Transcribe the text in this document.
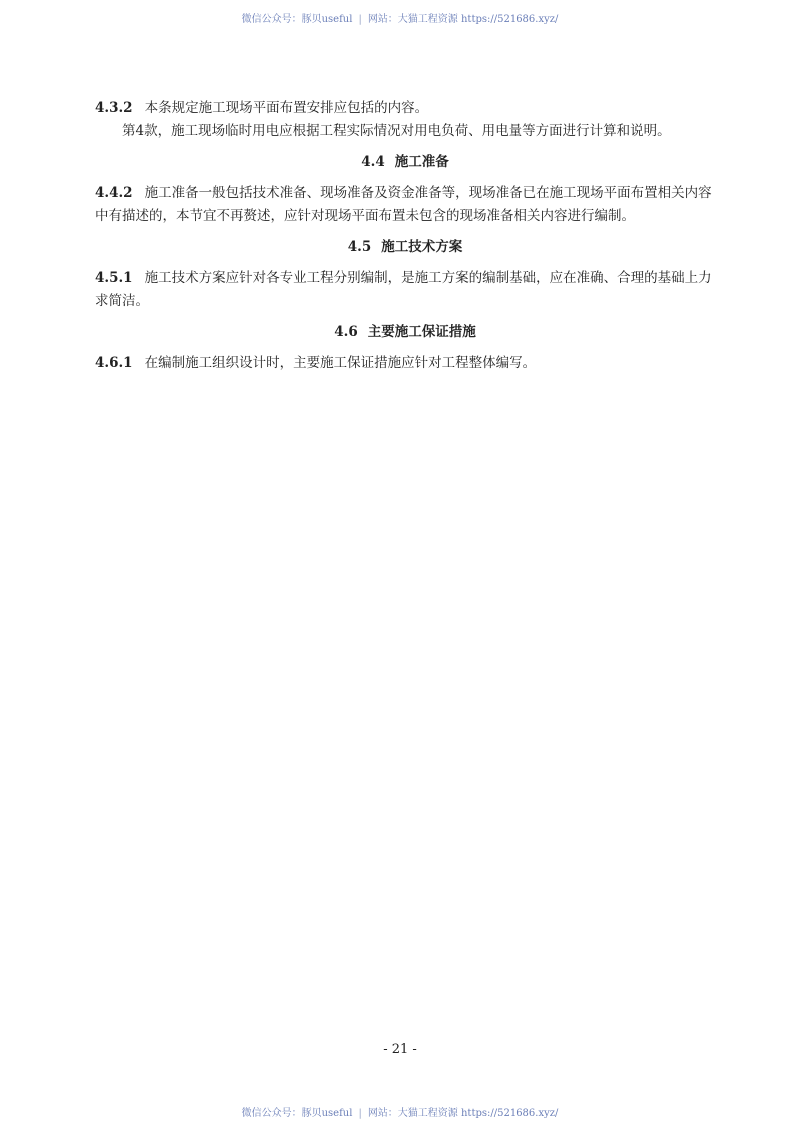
微信公众号：豚贝useful | 网站：大猫工程资源 https://521686.xyz/

4.3.2 本条规定施工现场平面布置安排应包括的内容。

第4款，施工现场临时用电应根据工程实际情况对用电负荷、用电量等方面进行计算和说明。

4.4 施工准备

4.4.2 施工准备一般包括技术准备、现场准备及资金准备等，现场准备已在施工现场平面布置相关内容中有描述的，本节宜不再赘述，应针对现场平面布置未包含的现场准备相关内容进行编制。

4.5 施工技术方案

4.5.1 施工技术方案应针对各专业工程分别编制，是施工方案的编制基础，应在准确、合理的基础上力求简洁。

4.6 主要施工保证措施

4.6.1 在编制施工组织设计时，主要施工保证措施应针对工程整体编写。

- 21 -
微信公众号：豚贝useful | 网站：大猫工程资源 https://521686.xyz/
